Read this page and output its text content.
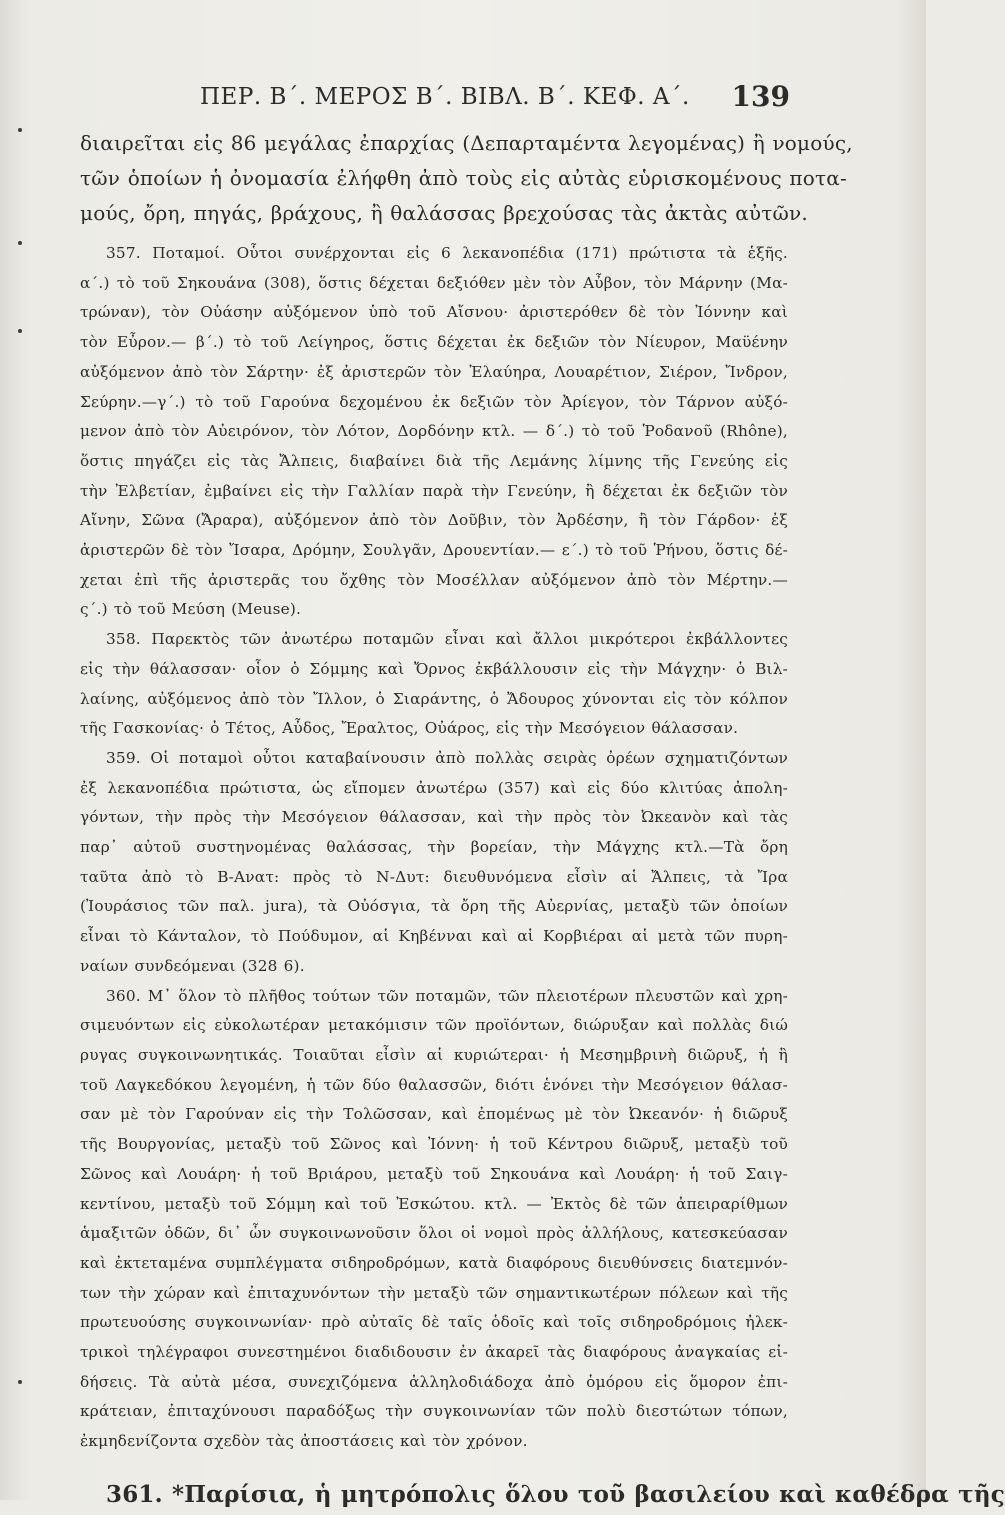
ΠΕΡ. Β΄. ΜΕΡΟΣ Β΄. ΒΙΒΛ. Β΄. ΚΕΦ. Α΄. 139
διαιρεῖται εἰς 86 μεγάλας ἐπαρχίας (Δεπαρταμέντα λεγομένας) ἢ νομούς,
τῶν ὁποίων ἡ ὀνομασία ἐλήφθη ἀπὸ τοὺς εἰς αὐτὰς εὑρισκομένους ποτα-
μούς, ὄρη, πηγάς, βράχους, ἢ θαλάσσας βρεχούσας τὰς ἀκτὰς αὐτῶν.
357. Ποταμοί. Οὗτοι συνέρχονται εἰς 6 λεκανοπέδια (171) πρώτιστα τὰ ἑξῆς.
α΄.) τὸ τοῦ Σηκουάνα (308), ὅστις δέχεται δεξιόθεν μὲν τὸν Αὖβον, τὸν Μάρνην (Μα-
τρώναν), τὸν Οὐάσην αὐξόμενον ὑπὸ τοῦ Αἴσνου· ἀριστερόθεν δὲ τὸν Ἰόννην καὶ
τὸν Εὖρον.— β΄.) τὸ τοῦ Λείγηρος, ὅστις δέχεται ἐκ δεξιῶν τὸν Νίευρον, Μαϋένην
αὐξόμενον ἀπὸ τὸν Σάρτην· ἐξ ἀριστερῶν τὸν Ἐλαύηρα, Λουαρέτιον, Σιέρον, Ἴνδρον,
Σεύρην.—γ΄.) τὸ τοῦ Γαρούνα δεχομένου ἐκ δεξιῶν τὸν Ἀρίεγον, τὸν Τάρνον αὐξό-
μενον ἀπὸ τὸν Αὐειρόνον, τὸν Λότον, Δορδόνην κτλ. — δ΄.) τὸ τοῦ Ῥοδανοῦ (Rhône),
ὅστις πηγάζει εἰς τὰς Ἄλπεις, διαβαίνει διὰ τῆς Λεμάνης λίμνης τῆς Γενεύης εἰς
τὴν Ἐλβετίαν, ἐμβαίνει εἰς τὴν Γαλλίαν παρὰ τὴν Γενεύην, ἢ δέχεται ἐκ δεξιῶν τὸν
Αἴνην, Σῶνα (Ἄραρα), αὐξόμενον ἀπὸ τὸν Δοῦβιν, τὸν Ἀρδέσην, ἢ τὸν Γάρδον· ἐξ
ἀριστερῶν δὲ τὸν Ἴσαρα, Δρόμην, Σουλγᾶν, Δρουεντίαν.— ε΄.) τὸ τοῦ Ῥήνου, ὅστις δέ-
χεται ἐπὶ τῆς ἀριστερᾶς του ὄχθης τὸν Μοσέλλαν αὐξόμενον ἀπὸ τὸν Μέρτην.—
ς΄.) τὸ τοῦ Μεύση (Meuse).
358. Παρεκτὸς τῶν ἀνωτέρω ποταμῶν εἶναι καὶ ἄλλοι μικρότεροι ἐκβάλλοντες
εἰς τὴν θάλασσαν· οἷον ὁ Σόμμης καὶ Ὄρνος ἐκβάλλουσιν εἰς τὴν Μάγχην· ὁ Βιλ-
λαίνης, αὐξόμενος ἀπὸ τὸν Ἴλλον, ὁ Σιαράντης, ὁ Ἄδουρος χύνονται εἰς τὸν κόλπον
τῆς Γασκονίας· ὁ Τέτος, Αὖδος, Ἔραλτος, Οὐάρος, εἰς τὴν Μεσόγειον θάλασσαν.
359. Οἱ ποταμοὶ οὗτοι καταβαίνουσιν ἀπὸ πολλὰς σειρὰς ὀρέων σχηματιζόντων
ἐξ λεκανοπέδια πρώτιστα, ὡς εἴπομεν ἀνωτέρω (357) καὶ εἰς δύο κλιτύας ἀπολη-
γόντων, τὴν πρὸς τὴν Μεσόγειον θάλασσαν, καὶ τὴν πρὸς τὸν Ὠκεανὸν καὶ τὰς
παρ᾽ αὐτοῦ συστηνομένας θαλάσσας, τὴν βορείαν, τὴν Μάγχης κτλ.—Τὰ ὄρη
ταῦτα ἀπὸ τὸ Β-Ανατ: πρὸς τὸ Ν-Δυτ: διευθυνόμενα εἶσὶν αἱ Ἄλπεις, τὰ Ἴρα
(Ἰουράσιος τῶν παλ. jura), τὰ Οὐόσγια, τὰ ὄρη τῆς Αὐερνίας, μεταξὺ τῶν ὁποίων
εἶναι τὸ Κάνταλον, τὸ Πούδυμον, αἱ Κηβένναι καὶ αἱ Κορβιέραι αἱ μετὰ τῶν πυρη-
ναίων συνδεόμεναι (328 6).
360. Μ᾽ ὅλον τὸ πλῆθος τούτων τῶν ποταμῶν, τῶν πλειοτέρων πλευστῶν καὶ χρη-
σιμευόντων εἰς εὐκολωτέραν μετακόμισιν τῶν προϊόντων, διώρυξαν καὶ πολλὰς διώ
ρυγας συγκοινωνητικάς. Τοιαῦται εἶσὶν αἱ κυριώτεραι· ἡ Μεσημβρινὴ διῶρυξ, ἡ ἢ
τοῦ Λαγκεδόκου λεγομένη, ἡ τῶν δύο θαλασσῶν, διότι ἑνόνει τὴν Μεσόγειον θάλασ-
σαν μὲ τὸν Γαρούναν εἰς τὴν Τολῶσσαν, καὶ ἐπομένως μὲ τὸν Ὠκεανόν· ἡ διῶρυξ
τῆς Βουργονίας, μεταξὺ τοῦ Σῶνος καὶ Ἰόννη· ἡ τοῦ Κέντρου διῶρυξ, μεταξὺ τοῦ
Σῶνος καὶ Λουάρη· ἡ τοῦ Βριάρου, μεταξὺ τοῦ Σηκουάνα καὶ Λουάρη· ἡ τοῦ Σαιγ-
κεντίνου, μεταξὺ τοῦ Σόμμη καὶ τοῦ Ἐσκώτου. κτλ. — Ἐκτὸς δὲ τῶν ἀπειραρίθμων
ἁμαξιτῶν ὁδῶν, δι᾽ ὧν συγκοινωνοῦσιν ὅλοι οἱ νομοὶ πρὸς ἀλλήλους, κατεσκεύασαν
καὶ ἐκτεταμένα συμπλέγματα σιδηροδρόμων, κατὰ διαφόρους διευθύνσεις διατεμνόν-
των τὴν χώραν καὶ ἐπιταχυνόντων τὴν μεταξὺ τῶν σημαντικωτέρων πόλεων καὶ τῆς
πρωτευούσης συγκοινωνίαν· πρὸ αὐταῖς δὲ ταῖς ὁδοῖς καὶ τοῖς σιδηροδρόμοις ἠλεκ-
τρικοὶ τηλέγραφοι συνεστημένοι διαδιδουσιν ἐν ἀκαρεῖ τὰς διαφόρους ἀναγκαίας εἰ-
δήσεις. Τὰ αὐτὰ μέσα, συνεχιζόμενα ἀλληλοδιάδοχα ἀπὸ ὁμόρου εἰς ὅμορον ἐπι-
κράτειαν, ἐπιταχύνουσι παραδόξως τὴν συγκοινωνίαν τῶν πολὺ διεστώτων τόπων,
ἐκμηδενίζοντα σχεδὸν τὰς ἀποστάσεις καὶ τὸν χρόνον.
361. *Παρίσια, ἡ μητρόπολις ὅλου τοῦ βασιλείου καὶ καθέδρα τῆς
